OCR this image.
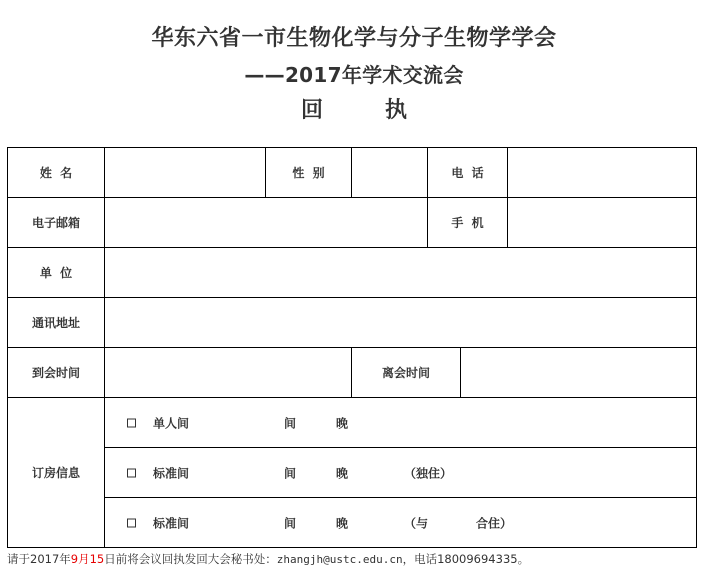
华东六省一市生物化学与分子生物学学会
——2017年学术交流会
回	执
姓  名	性  别	电  话
电子邮箱	手  机
单  位
通讯地址
到会时间	离会时间
订房信息
单人间	间	晚
标准间	间	晚	（独住）
标准间	间	晚	（与	合住）
请于2017年9月15日前将会议回执发回大会秘书处：zhangjh@ustc.edu.cn，电话18009694335。
